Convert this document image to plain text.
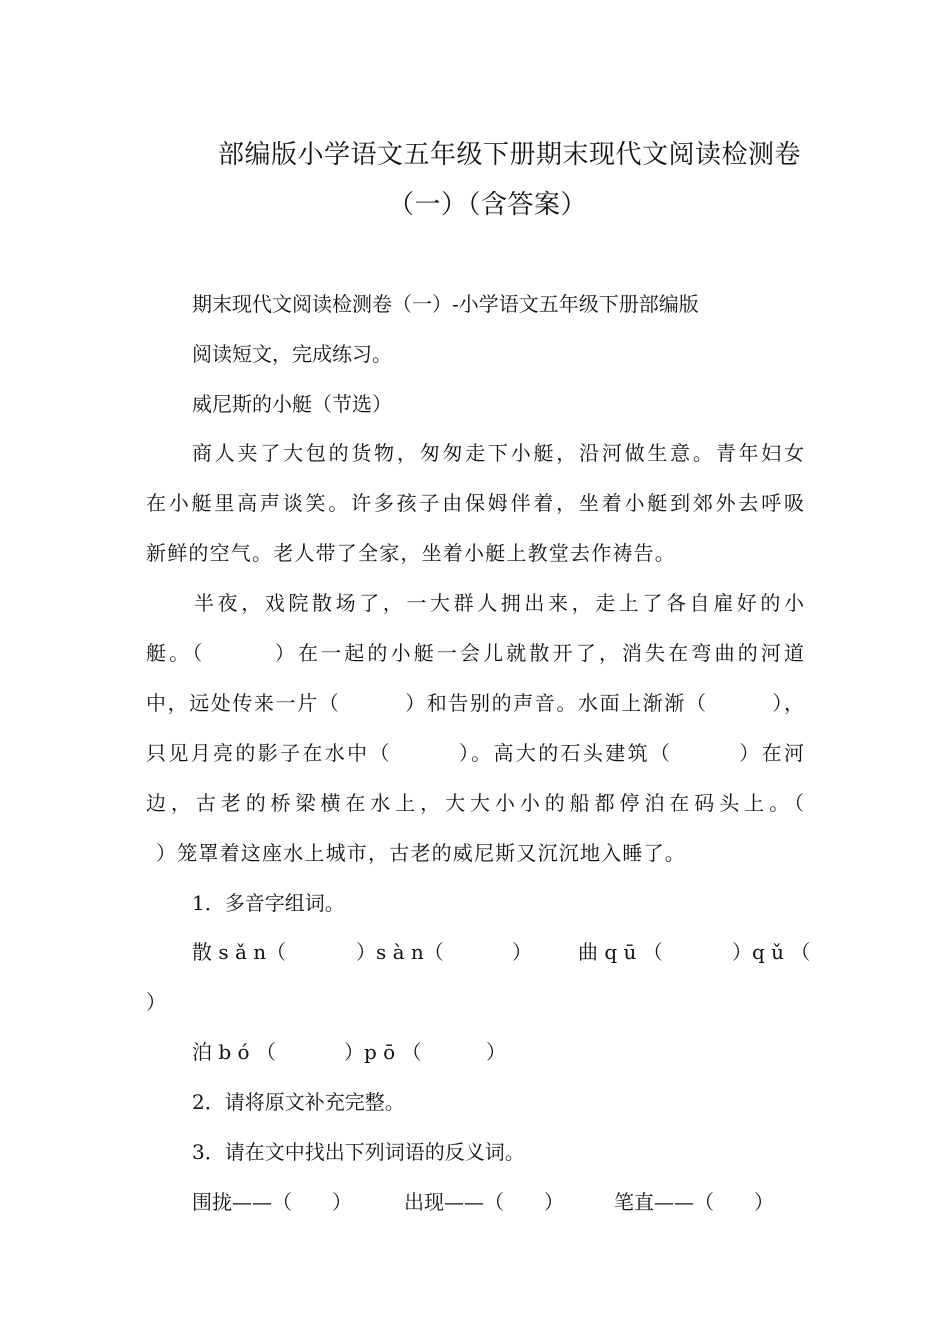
部编版小学语文五年级下册期末现代文阅读检测卷
（一）（含答案）
期末现代文阅读检测卷（一）-小学语文五年级下册部编版
阅读短文，完成练习。
威尼斯的小艇（节选）
商人夹了大包的货物，匆匆走下小艇，沿河做生意。青年妇女
在小艇里高声谈笑。许多孩子由保姆伴着，坐着小艇到郊外去呼吸
新鲜的空气。老人带了全家，坐着小艇上教堂去作祷告。
半夜，戏院散场了，一大群人拥出来，走上了各自雇好的小
艇。（　　　）在一起的小艇一会儿就散开了，消失在弯曲的河道
中，远处传来一片（　　　）和告别的声音。水面上渐渐（　　　），
只见月亮的影子在水中（　　　）。高大的石头建筑（　　　）在河
边，古老的桥梁横在水上，大大小小的船都停泊在码头上。（
）笼罩着这座水上城市，古老的威尼斯又沉沉地入睡了。
1．多音字组词。
散 s ǎ n（	）s à n（	） 曲 q ū （	）q ǔ （
）
泊 b ó （	）p ō （	）
2．请将原文补充完整。
3．请在文中找出下列词语的反义词。
围拢——（　　）	出现——（　　）	笔直——（　　）
